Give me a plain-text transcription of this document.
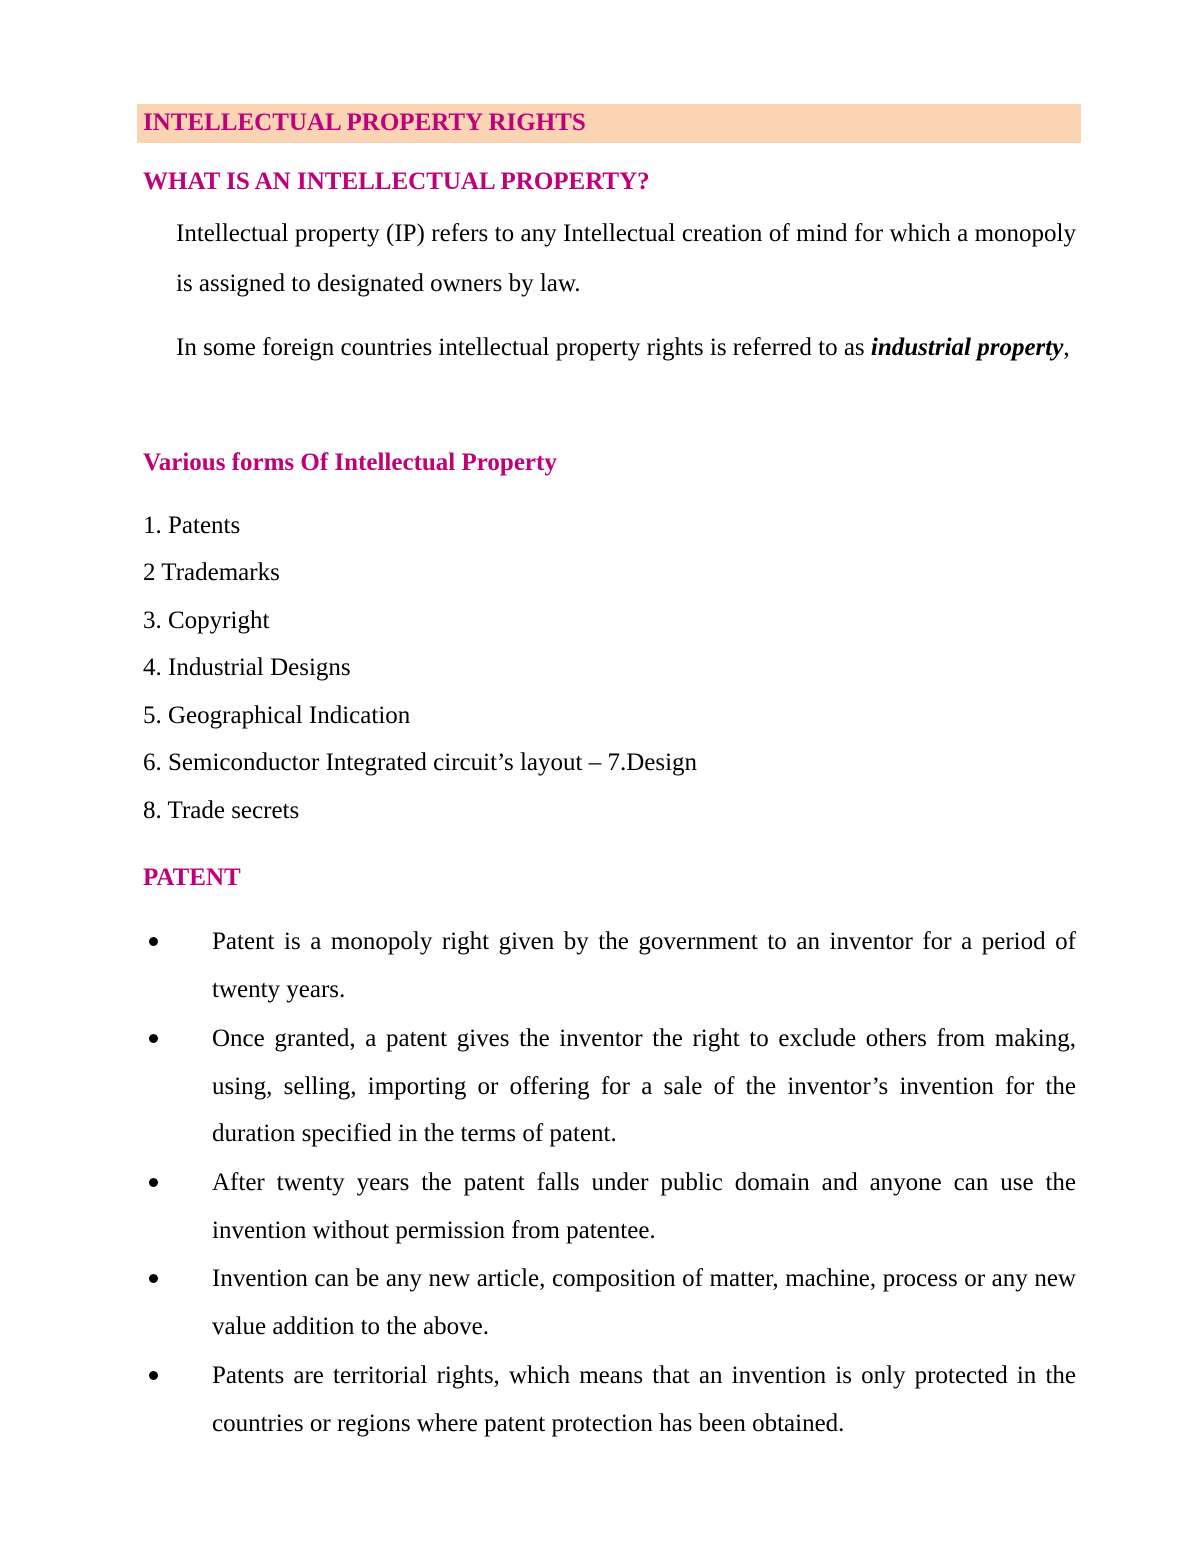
INTELLECTUAL PROPERTY RIGHTS
WHAT IS AN INTELLECTUAL PROPERTY?

Intellectual property (IP) refers to any Intellectual creation of mind for which a monopoly is assigned to designated owners by law.

In some foreign countries intellectual property rights is referred to as industrial property,

Various forms Of Intellectual Property
1. Patents
2 Trademarks
3. Copyright
4. Industrial Designs
5. Geographical Indication
6. Semiconductor Integrated circuit’s layout – 7.Design
8. Trade secrets
PATENT

Patent is a monopoly right given by the government to an inventor for a period of twenty years.

Once granted, a patent gives the inventor the right to exclude others from making, using, selling, importing or offering for a sale of the inventor’s invention for the duration specified in the terms of patent.

After twenty years the patent falls under public domain and anyone can use the invention without permission from patentee.

Invention can be any new article, composition of matter, machine, process or any new value addition to the above.

Patents are territorial rights, which means that an invention is only protected in the countries or regions where patent protection has been obtained.
